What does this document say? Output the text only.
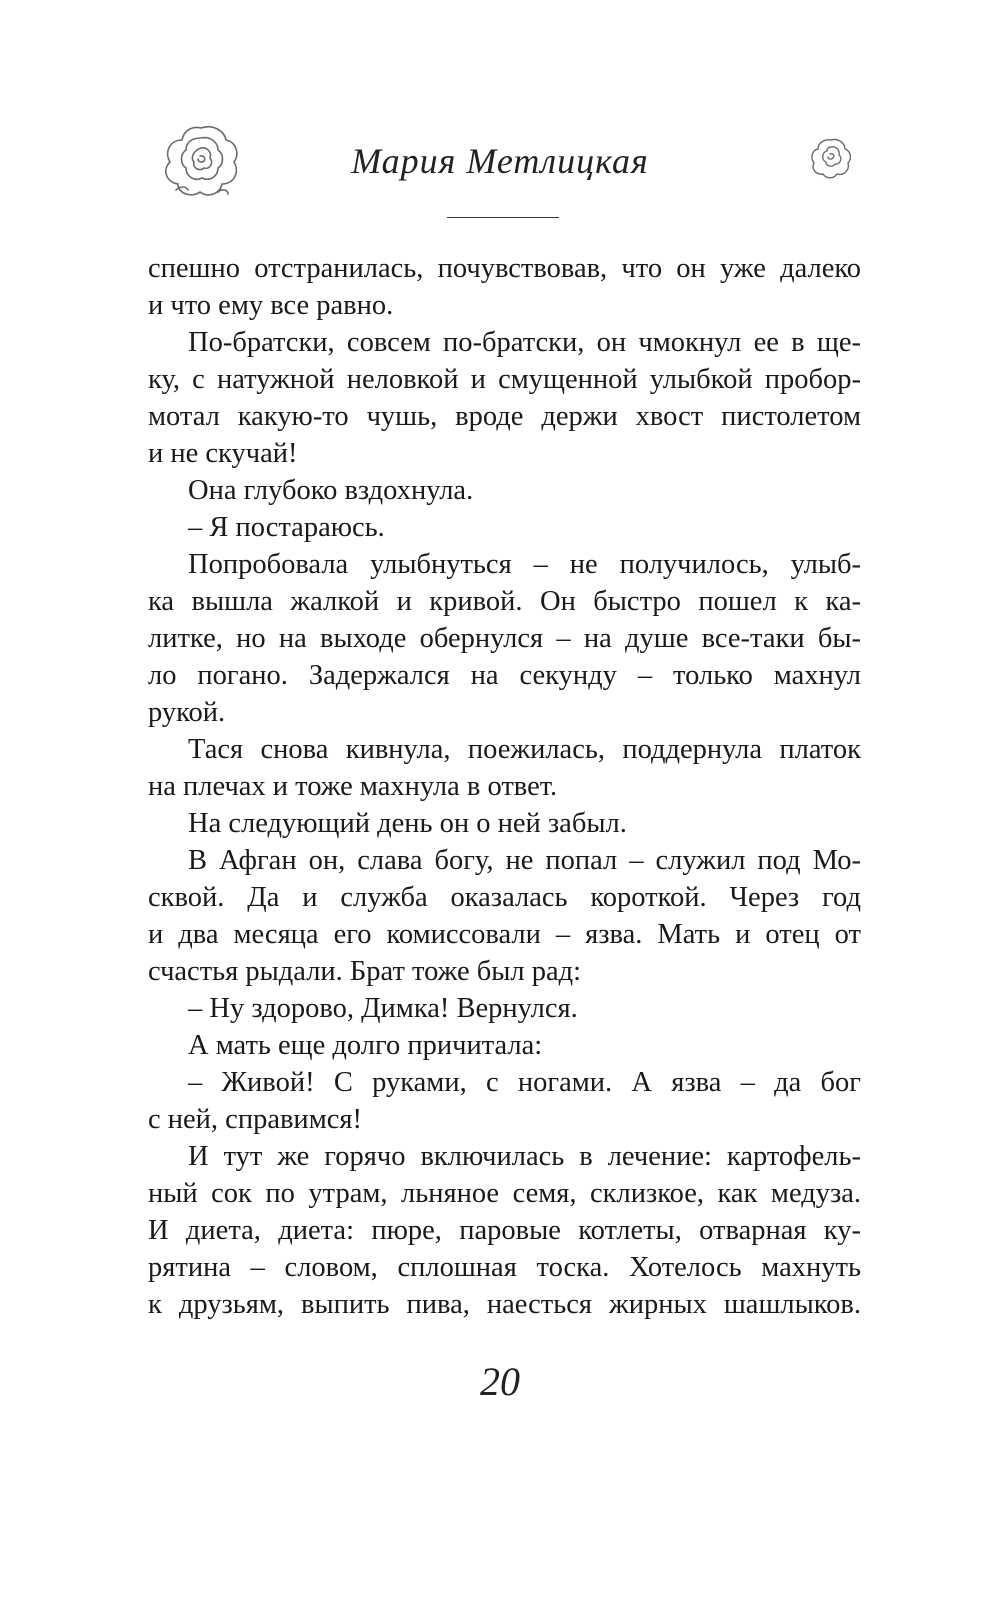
Мария Метлицкая
спешно отстранилась, почувствовав, что он уже далеко
и что ему все равно.
По-братски, совсем по-братски, он чмокнул ее в ще-
ку, с натужной неловкой и смущенной улыбкой пробор-
мотал какую-то чушь, вроде держи хвост пистолетом
и не скучай!
Она глубоко вздохнула.
– Я постараюсь.
Попробовала улыбнуться – не получилось, улыб-
ка вышла жалкой и кривой. Он быстро пошел к ка-
литке, но на выходе обернулся – на душе все-таки бы-
ло погано. Задержался на секунду – только махнул
рукой.
Тася снова кивнула, поежилась, поддернула платок
на плечах и тоже махнула в ответ.
На следующий день он о ней забыл.
В Афган он, слава богу, не попал – служил под Мо-
сквой. Да и служба оказалась короткой. Через год
и два месяца его комиссовали – язва. Мать и отец от
счастья рыдали. Брат тоже был рад:
– Ну здорово, Димка! Вернулся.
А мать еще долго причитала:
– Живой! С руками, с ногами. А язва – да бог
с ней, справимся!
И тут же горячо включилась в лечение: картофель-
ный сок по утрам, льняное семя, склизкое, как медуза.
И диета, диета: пюре, паровые котлеты, отварная ку-
рятина – словом, сплошная тоска. Хотелось махнуть
к друзьям, выпить пива, наесться жирных шашлыков.
20
